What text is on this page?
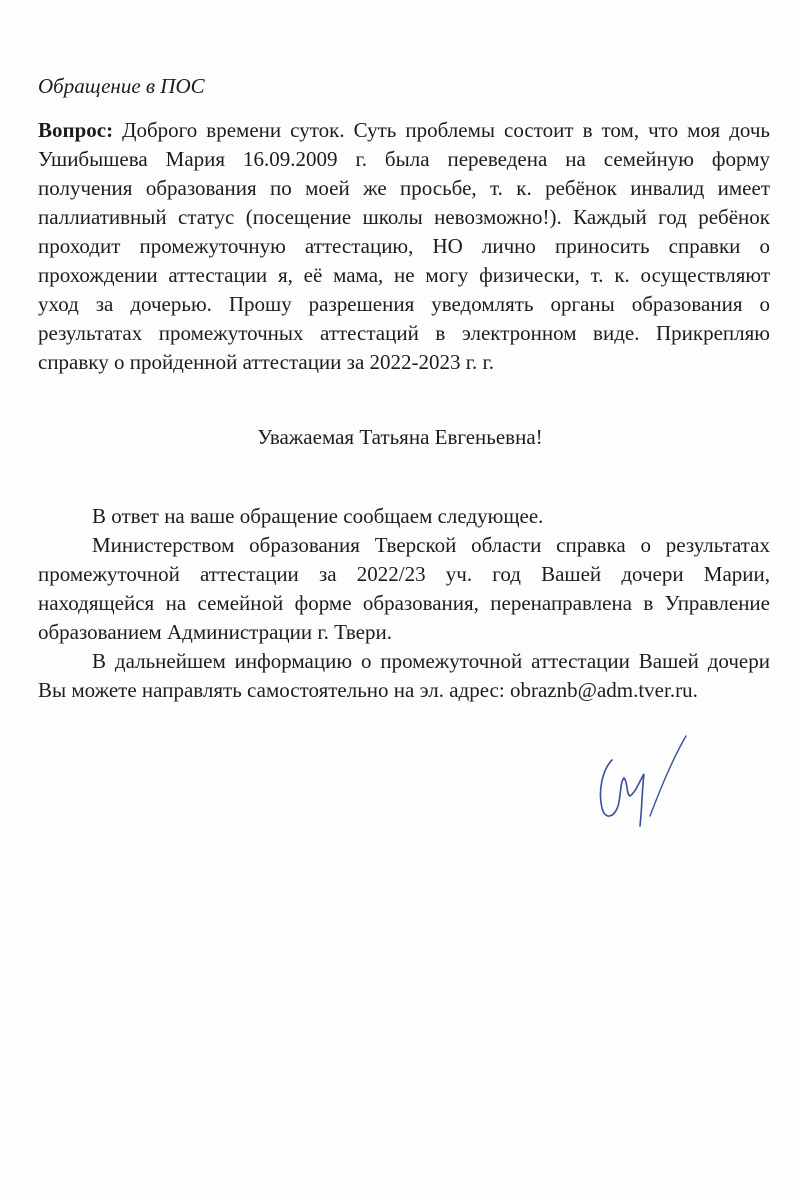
Обращение в ПОС
Вопрос: Доброго времени суток. Суть проблемы состоит в том, что моя дочь
Ушибышева Мария 16.09.2009 г. была переведена на семейную форму
получения образования по моей же просьбе, т. к. ребёнок инвалид имеет
паллиативный статус (посещение школы невозможно!). Каждый год ребёнок
проходит промежуточную аттестацию, НО лично приносить справки о
прохождении аттестации я, её мама, не могу физически, т. к. осуществляют
уход за дочерью. Прошу разрешения уведомлять органы образования о
результатах промежуточных аттестаций в электронном виде. Прикрепляю
справку о пройденной аттестации за 2022-2023 г. г.
Уважаемая Татьяна Евгеньевна!
В ответ на ваше обращение сообщаем следующее.
Министерством образования Тверской области справка о результатах
промежуточной аттестации за 2022/23 уч. год Вашей дочери Марии,
находящейся на семейной форме образования, перенаправлена в Управление
образованием Администрации г. Твери.
В дальнейшем информацию о промежуточной аттестации Вашей дочери
Вы можете направлять самостоятельно на эл. адрес: obraznb@adm.tver.ru.
